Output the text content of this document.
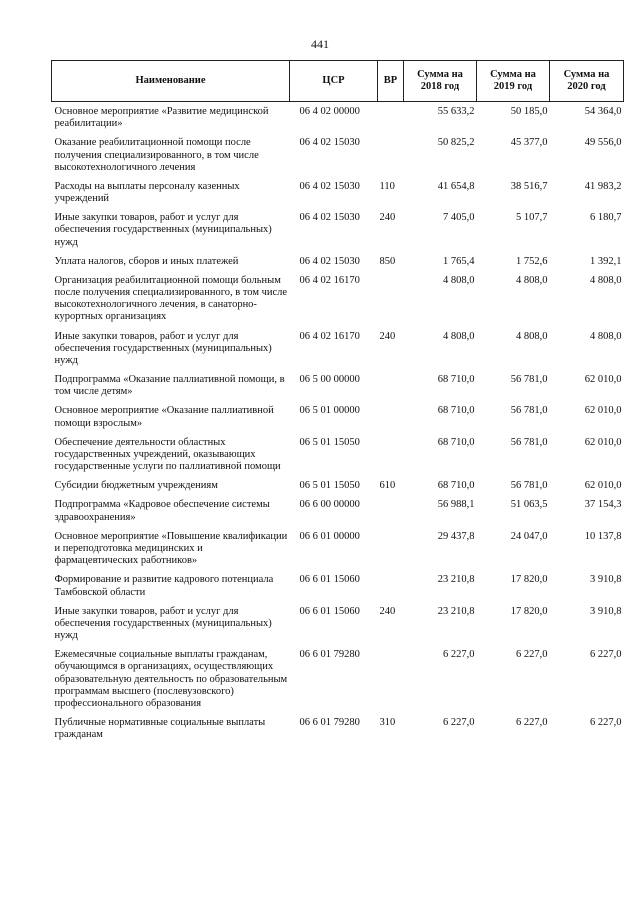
441
Наименование	ЦСР	ВР	Сумма на 2018 год	Сумма на 2019 год	Сумма на 2020 год
Основное мероприятие «Развитие медицинской реабилитации»	06 4 02 00000		55 633,2	50 185,0	54 364,0
Оказание реабилитационной помощи после получения специализированного, в том числе высокотехнологичного лечения	06 4 02 15030		50 825,2	45 377,0	49 556,0
Расходы на выплаты персоналу казенных учреждений	06 4 02 15030	110	41 654,8	38 516,7	41 983,2
Иные закупки товаров, работ и услуг для обеспечения государственных (муниципальных) нужд	06 4 02 15030	240	7 405,0	5 107,7	6 180,7
Уплата налогов, сборов и иных платежей	06 4 02 15030	850	1 765,4	1 752,6	1 392,1
Организация реабилитационной помощи больным после получения специализированного, в том числе высокотехнологичного лечения, в санаторно-курортных организациях	06 4 02 16170		4 808,0	4 808,0	4 808,0
Иные закупки товаров, работ и услуг для обеспечения государственных (муниципальных) нужд	06 4 02 16170	240	4 808,0	4 808,0	4 808,0
Подпрограмма «Оказание паллиативной помощи, в том числе детям»	06 5 00 00000		68 710,0	56 781,0	62 010,0
Основное мероприятие «Оказание паллиативной помощи взрослым»	06 5 01 00000		68 710,0	56 781,0	62 010,0
Обеспечение деятельности областных государственных учреждений, оказывающих государственные услуги по паллиативной помощи	06 5 01 15050		68 710,0	56 781,0	62 010,0
Субсидии бюджетным учреждениям	06 5 01 15050	610	68 710,0	56 781,0	62 010,0
Подпрограмма «Кадровое обеспечение системы здравоохранения»	06 6 00 00000		56 988,1	51 063,5	37 154,3
Основное мероприятие «Повышение квалификации и переподготовка медицинских и фармацевтических работников»	06 6 01 00000		29 437,8	24 047,0	10 137,8
Формирование и развитие кадрового потенциала Тамбовской области	06 6 01 15060		23 210,8	17 820,0	3 910,8
Иные закупки товаров, работ и услуг для обеспечения государственных (муниципальных) нужд	06 6 01 15060	240	23 210,8	17 820,0	3 910,8
Ежемесячные социальные выплаты гражданам, обучающимся в организациях, осуществляющих образовательную деятельность по образовательным программам высшего (послевузовского) профессионального образования	06 6 01 79280		6 227,0	6 227,0	6 227,0
Публичные нормативные социальные выплаты гражданам	06 6 01 79280	310	6 227,0	6 227,0	6 227,0
